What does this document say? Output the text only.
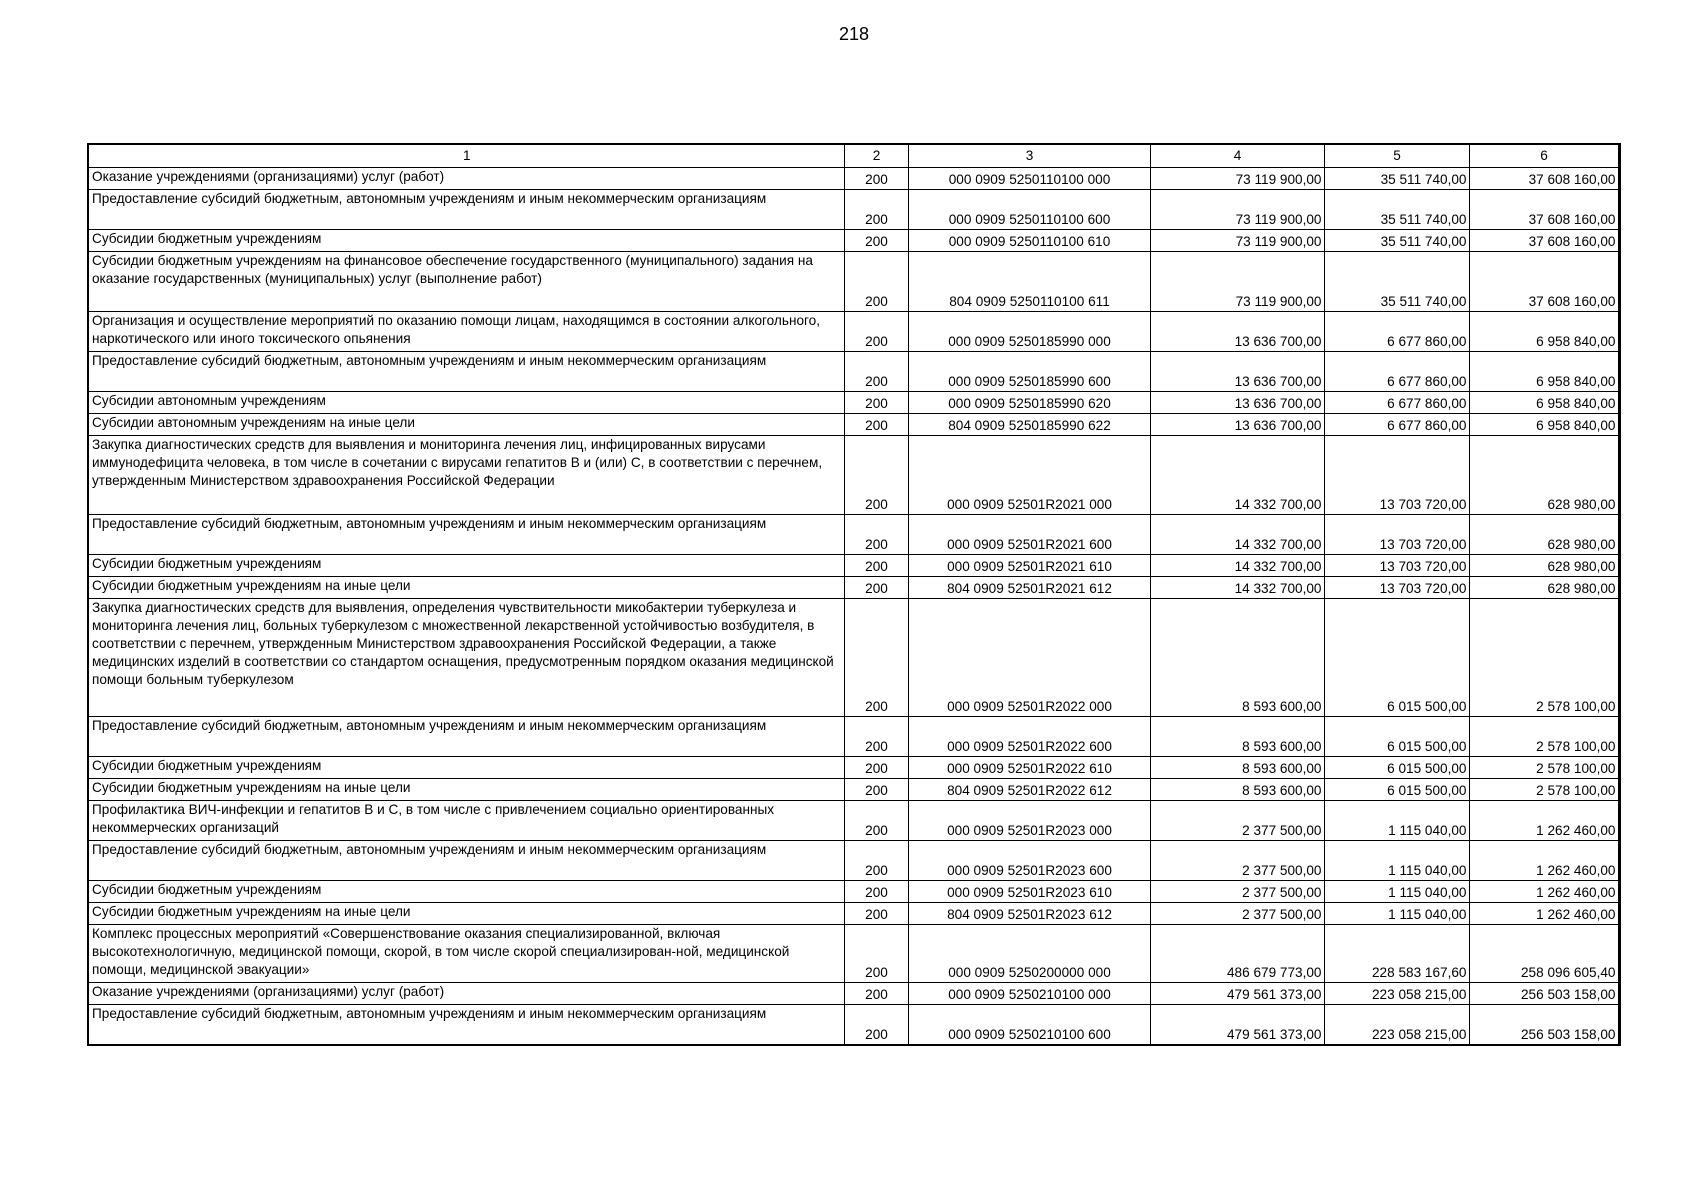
218
1	2	3	4	5	6
Оказание учреждениями (организациями) услуг (работ)	200	000 0909 5250110100 000	73 119 900,00	35 511 740,00	37 608 160,00
Предоставление субсидий бюджетным, автономным учреждениям и иным некоммерческим организациям	200	000 0909 5250110100 600	73 119 900,00	35 511 740,00	37 608 160,00
Субсидии бюджетным учреждениям	200	000 0909 5250110100 610	73 119 900,00	35 511 740,00	37 608 160,00
Субсидии бюджетным учреждениям на финансовое обеспечение государственного (муниципального) задания на оказание государственных (муниципальных) услуг (выполнение работ)	200	804 0909 5250110100 611	73 119 900,00	35 511 740,00	37 608 160,00
Организация и осуществление мероприятий по оказанию помощи лицам, находящимся в состоянии алкогольного, наркотического или иного токсического опьянения	200	000 0909 5250185990 000	13 636 700,00	6 677 860,00	6 958 840,00
Предоставление субсидий бюджетным, автономным учреждениям и иным некоммерческим организациям	200	000 0909 5250185990 600	13 636 700,00	6 677 860,00	6 958 840,00
Субсидии автономным учреждениям	200	000 0909 5250185990 620	13 636 700,00	6 677 860,00	6 958 840,00
Субсидии автономным учреждениям на иные цели	200	804 0909 5250185990 622	13 636 700,00	6 677 860,00	6 958 840,00
Закупка диагностических средств для выявления и мониторинга лечения лиц, инфицированных вирусами иммунодефицита человека, в том числе в сочетании с вирусами гепатитов B и (или) C, в соответствии с перечнем, утвержденным Министерством здравоохранения Российской Федерации	200	000 0909 52501R2021 000	14 332 700,00	13 703 720,00	628 980,00
Предоставление субсидий бюджетным, автономным учреждениям и иным некоммерческим организациям	200	000 0909 52501R2021 600	14 332 700,00	13 703 720,00	628 980,00
Субсидии бюджетным учреждениям	200	000 0909 52501R2021 610	14 332 700,00	13 703 720,00	628 980,00
Субсидии бюджетным учреждениям на иные цели	200	804 0909 52501R2021 612	14 332 700,00	13 703 720,00	628 980,00
Закупка диагностических средств для выявления, определения чувствительности микобактерии туберкулеза и мониторинга лечения лиц, больных туберкулезом с множественной лекарственной устойчивостью возбудителя, в соответствии с перечнем, утвержденным Министерством здравоохранения Российской Федерации, а также медицинских изделий в соответствии со стандартом оснащения, предусмотренным порядком оказания медицинской помощи больным туберкулезом	200	000 0909 52501R2022 000	8 593 600,00	6 015 500,00	2 578 100,00
Предоставление субсидий бюджетным, автономным учреждениям и иным некоммерческим организациям	200	000 0909 52501R2022 600	8 593 600,00	6 015 500,00	2 578 100,00
Субсидии бюджетным учреждениям	200	000 0909 52501R2022 610	8 593 600,00	6 015 500,00	2 578 100,00
Субсидии бюджетным учреждениям на иные цели	200	804 0909 52501R2022 612	8 593 600,00	6 015 500,00	2 578 100,00
Профилактика ВИЧ-инфекции и гепатитов B и C, в том числе с привлечением социально ориентированных некоммерческих организаций	200	000 0909 52501R2023 000	2 377 500,00	1 115 040,00	1 262 460,00
Предоставление субсидий бюджетным, автономным учреждениям и иным некоммерческим организациям	200	000 0909 52501R2023 600	2 377 500,00	1 115 040,00	1 262 460,00
Субсидии бюджетным учреждениям	200	000 0909 52501R2023 610	2 377 500,00	1 115 040,00	1 262 460,00
Субсидии бюджетным учреждениям на иные цели	200	804 0909 52501R2023 612	2 377 500,00	1 115 040,00	1 262 460,00
Комплекс процессных мероприятий «Совершенствование оказания специализированной, включая высокотехнологичную, медицинской помощи, скорой, в том числе скорой специализирован-ной, медицинской помощи, медицинской эвакуации»	200	000 0909 5250200000 000	486 679 773,00	228 583 167,60	258 096 605,40
Оказание учреждениями (организациями) услуг (работ)	200	000 0909 5250210100 000	479 561 373,00	223 058 215,00	256 503 158,00
Предоставление субсидий бюджетным, автономным учреждениям и иным некоммерческим организациям	200	000 0909 5250210100 600	479 561 373,00	223 058 215,00	256 503 158,00
